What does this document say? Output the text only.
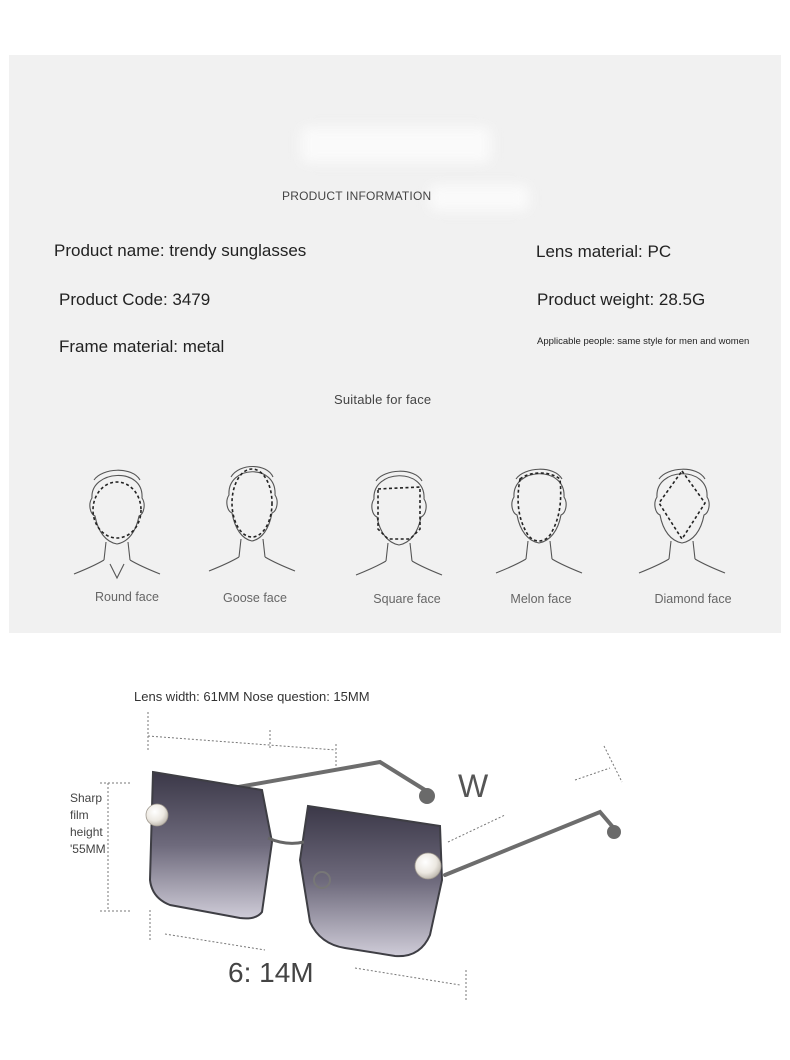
PRODUCT INFORMATION
Product name: trendy sunglasses	Lens material: PC
Product Code: 3479	Product weight: 28.5G
Frame material: metal	Applicable people: same style for men and women
Suitable for face
Round face	Goose face	Square face	Melon face	Diamond face
Lens width: 61MM Nose question: 15MM
Sharp film height '55MM
W
6: 14M
